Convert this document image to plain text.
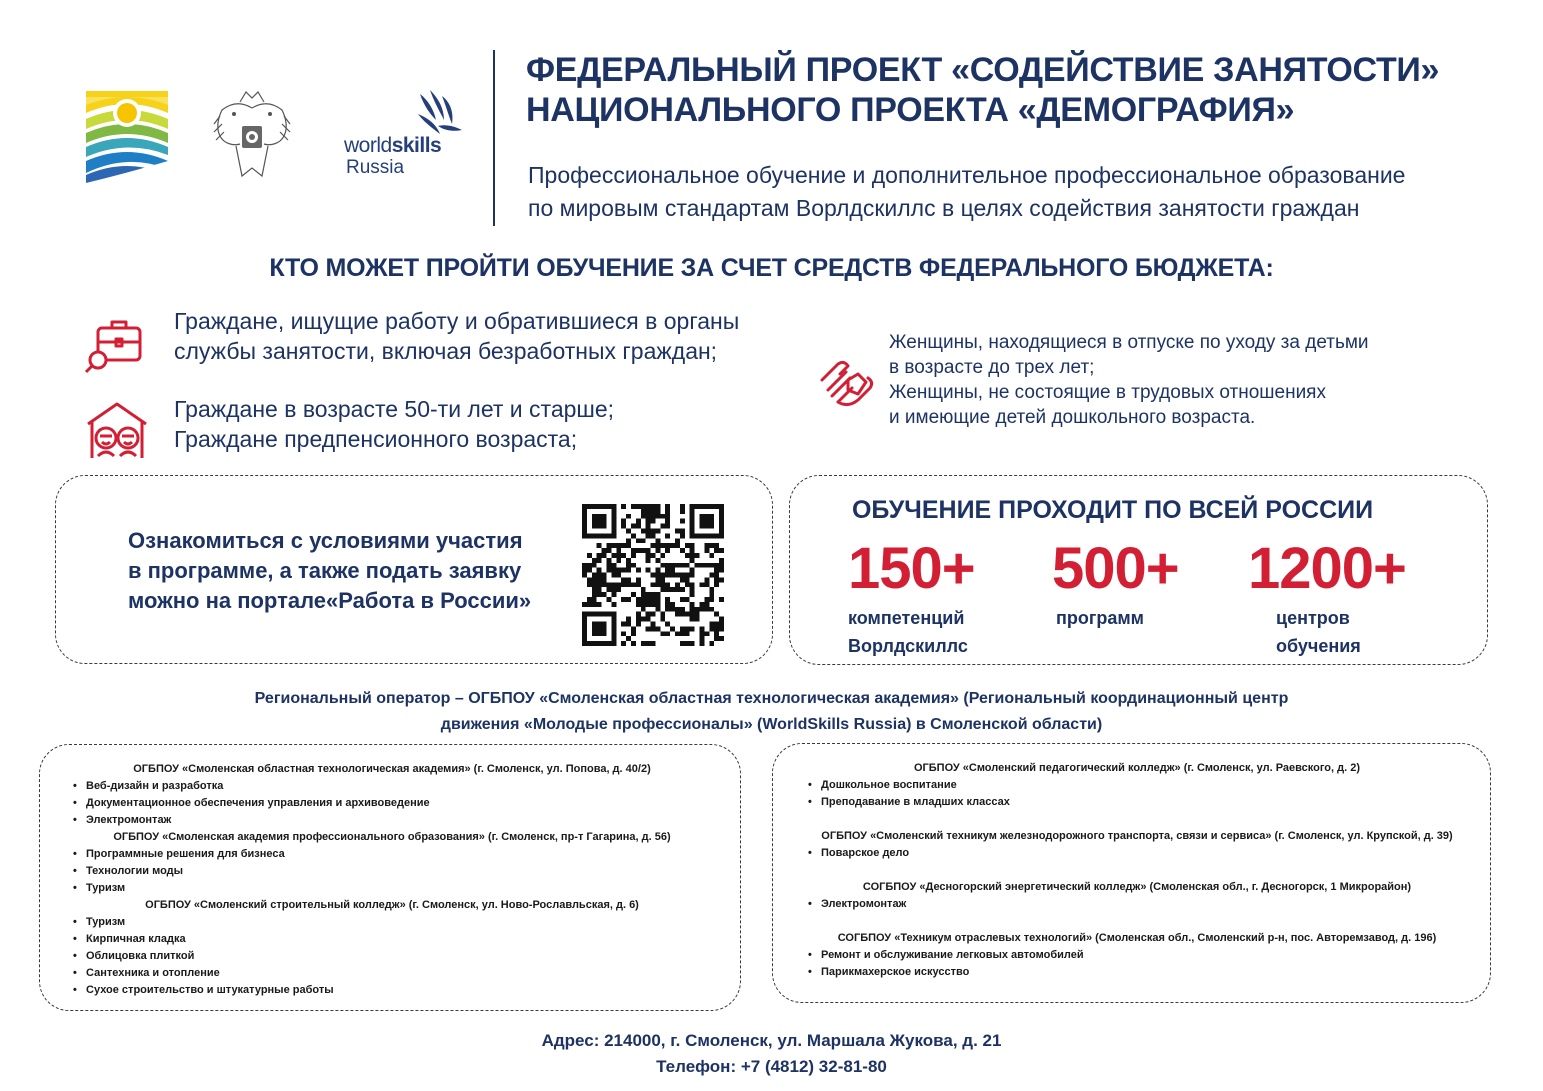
worldskills
Russia
ФЕДЕРАЛЬНЫЙ ПРОЕКТ «СОДЕЙСТВИЕ ЗАНЯТОСТИ»
НАЦИОНАЛЬНОГО ПРОЕКТА «ДЕМОГРАФИЯ»
Профессиональное обучение и дополнительное профессиональное образование
по мировым стандартам Ворлдскиллс в целях содействия занятости граждан
КТО МОЖЕТ ПРОЙТИ ОБУЧЕНИЕ ЗА СЧЕТ СРЕДСТВ ФЕДЕРАЛЬНОГО БЮДЖЕТА:
Граждане, ищущие работу и обратившиеся в органы
службы занятости, включая безработных граждан;
Граждане в возрасте 50-ти лет и старше;
Граждане предпенсионного возраста;
Женщины, находящиеся в отпуске по уходу за детьми
в возрасте до трех лет;
Женщины, не состоящие в трудовых отношениях
и имеющие детей дошкольного возраста.
Ознакомиться с условиями участия
в программе, а также подать заявку
можно на портале«Работа в России»
ОБУЧЕНИЕ ПРОХОДИТ ПО ВСЕЙ РОССИИ
150+
компетенций
Ворлдскиллс
500+
программ
1200+
центров
обучения
Региональный оператор – ОГБПОУ «Смоленская областная технологическая академия» (Региональный координационный центр
движения «Молодые профессионалы» (WorldSkills Russia) в Смоленской области)
ОГБПОУ «Смоленская областная технологическая академия» (г. Смоленск, ул. Попова, д. 40/2)
• Веб-дизайн и разработка
• Документационное обеспечения управления и архивоведение
• Электромонтаж
ОГБПОУ «Смоленская академия профессионального образования» (г. Смоленск, пр-т Гагарина, д. 56)
• Программные решения для бизнеса
• Технологии моды
• Туризм
ОГБПОУ «Смоленский строительный колледж» (г. Смоленск, ул. Ново-Рославльская, д. 6)
• Туризм
• Кирпичная кладка
• Облицовка плиткой
• Сантехника и отопление
• Сухое строительство и штукатурные работы
ОГБПОУ «Смоленский педагогический колледж» (г. Смоленск, ул. Раевского, д. 2)
• Дошкольное воспитание
• Преподавание в младших классах
ОГБПОУ «Смоленский техникум железнодорожного транспорта, связи и сервиса» (г. Смоленск, ул. Крупской, д. 39)
• Поварское дело
СОГБПОУ «Десногорский энергетический колледж» (Смоленская обл., г. Десногорск, 1 Микрорайон)
• Электромонтаж
СОГБПОУ «Техникум отраслевых технологий» (Смоленская обл., Смоленский р-н, пос. Авторемзавод, д. 196)
• Ремонт и обслуживание легковых автомобилей
• Парикмахерское искусство
Адрес: 214000, г. Смоленск, ул. Маршала Жукова, д. 21
Телефон: +7 (4812) 32-81-80
